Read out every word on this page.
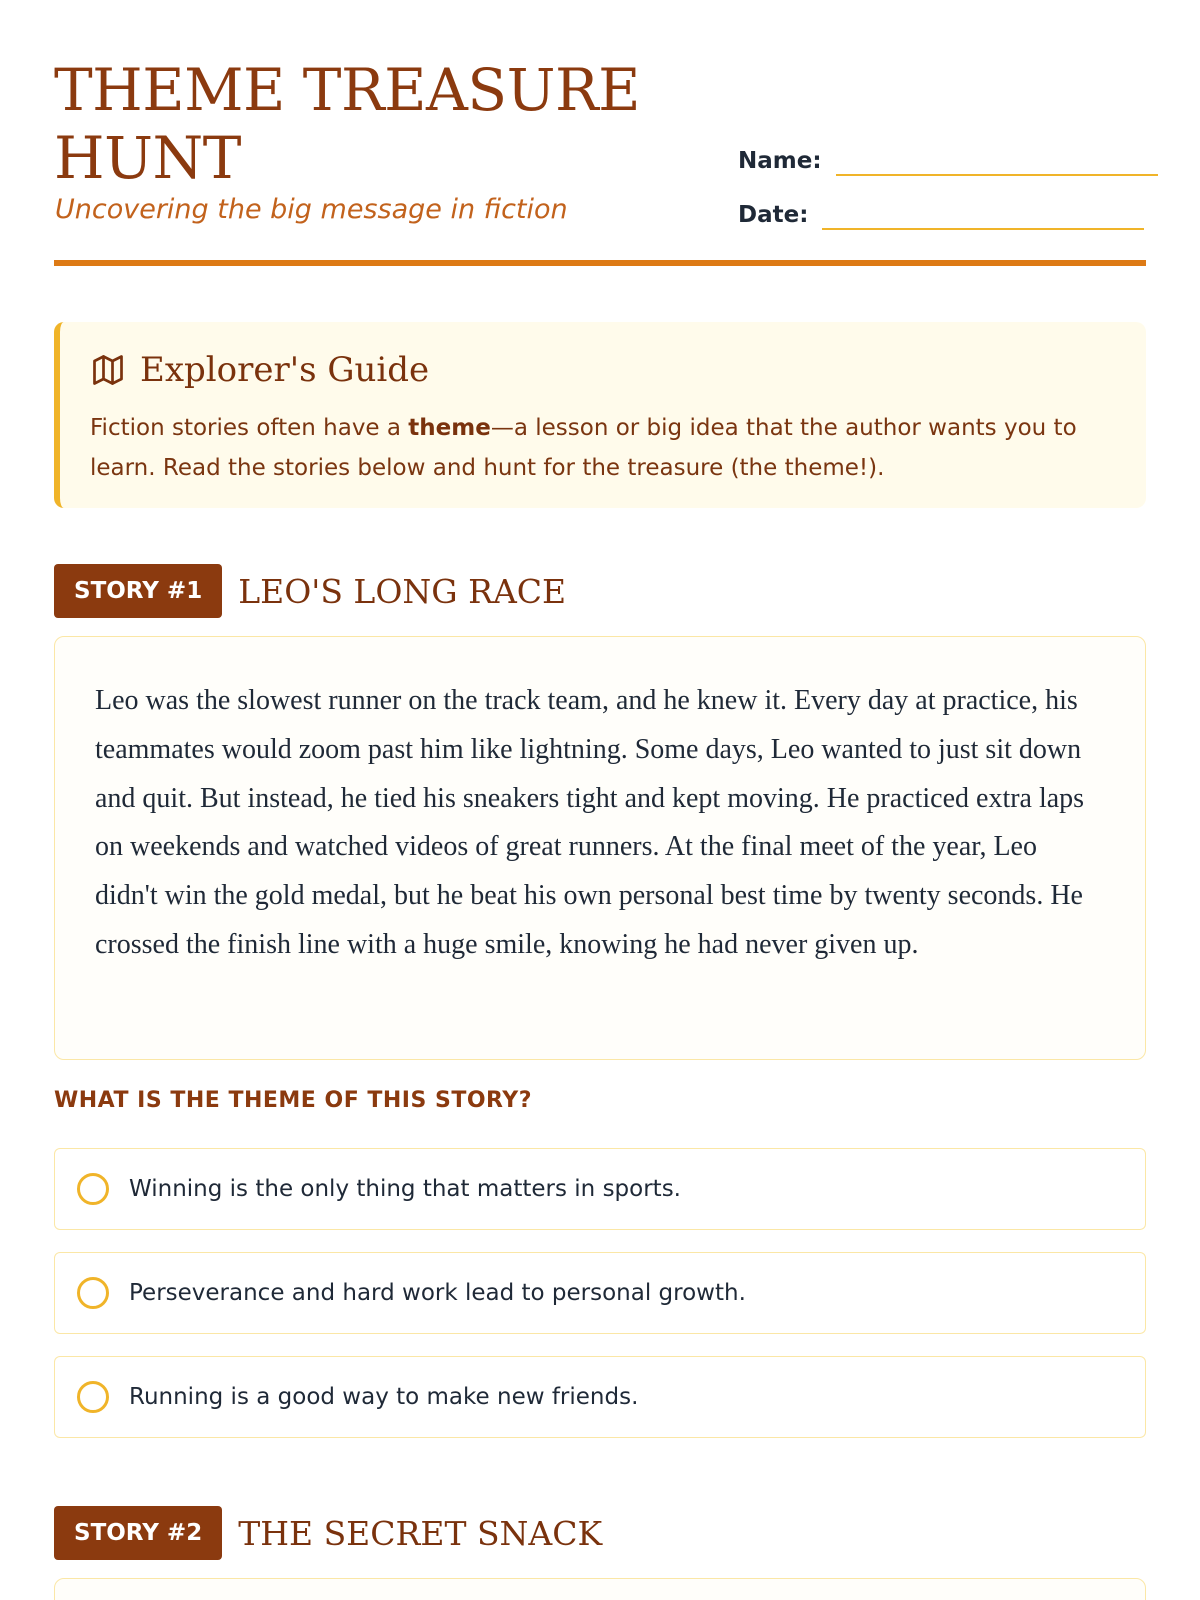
THEME TREASURE HUNT
Uncovering the big message in fiction
Name:
Date:
Explorer's Guide
Fiction stories often have a theme—a lesson or big idea that the author wants you to learn. Read the stories below and hunt for the treasure (the theme!).
STORY #1	LEO'S LONG RACE
Leo was the slowest runner on the track team, and he knew it. Every day at practice, his teammates would zoom past him like lightning. Some days, Leo wanted to just sit down and quit. But instead, he tied his sneakers tight and kept moving. He practiced extra laps on weekends and watched videos of great runners. At the final meet of the year, Leo didn't win the gold medal, but he beat his own personal best time by twenty seconds. He crossed the finish line with a huge smile, knowing he had never given up.
WHAT IS THE THEME OF THIS STORY?
Winning is the only thing that matters in sports.
Perseverance and hard work lead to personal growth.
Running is a good way to make new friends.
STORY #2	THE SECRET SNACK
